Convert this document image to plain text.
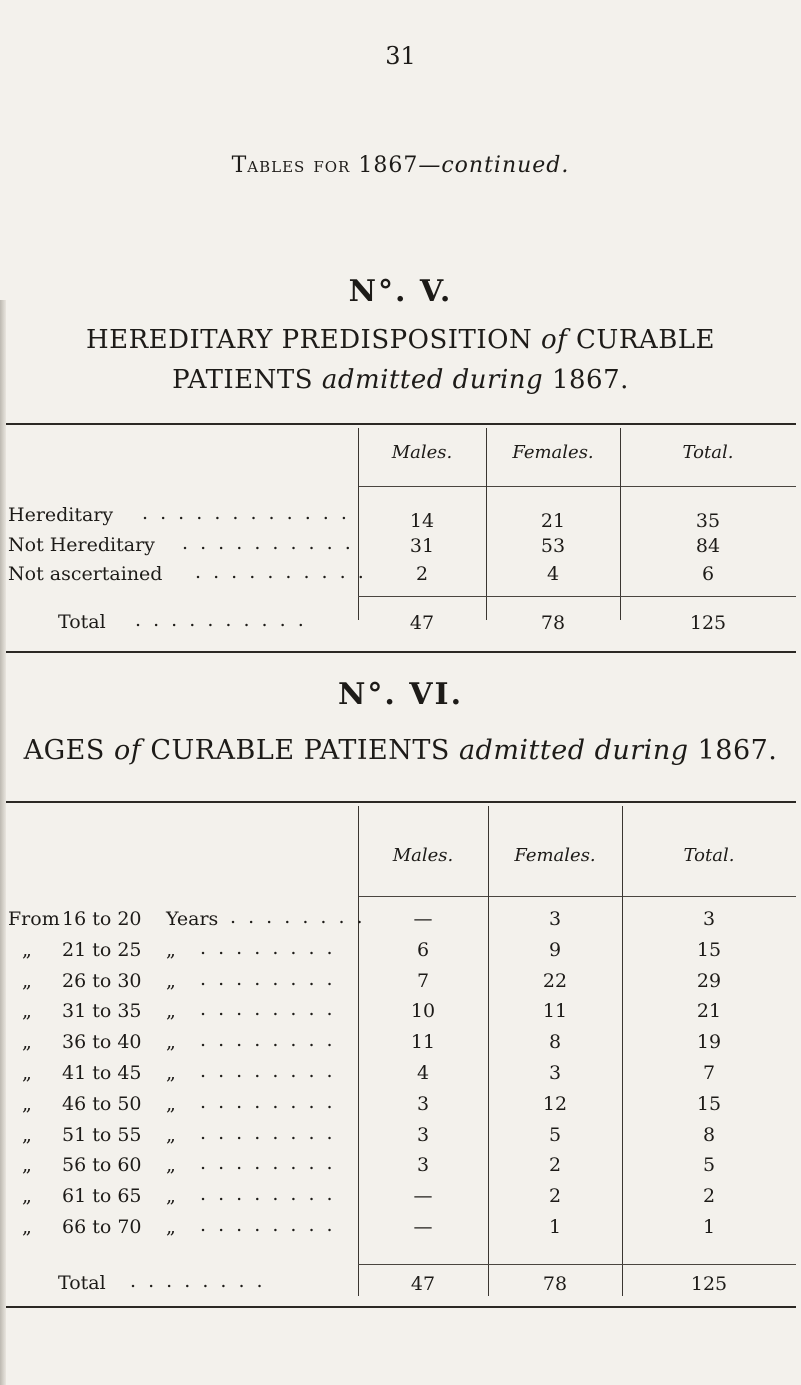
31
Tables for 1867—continued.
N°. V.
HEREDITARY PREDISPOSITION of CURABLE
PATIENTS admitted during 1867.
Males.	Females.	Total.
Hereditary . . . . . . . . . . . .	14	21	35
Not Hereditary . . . . . . . . . .	31	53	84
Not ascertained . . . . . . . . . .	2	4	6
Total . . . . . . . . . .	47	78	125
N°. VI.
AGES of CURABLE PATIENTS admitted during 1867.
Males.	Females.	Total.
From 16 to 20 Years . . . . . . . .	—	3	3
„ 21 to 25 „ . . . . . . . .	6	9	15
„ 26 to 30 „ . . . . . . . .	7	22	29
„ 31 to 35 „ . . . . . . . .	10	11	21
„ 36 to 40 „ . . . . . . . .	11	8	19
„ 41 to 45 „ . . . . . . . .	4	3	7
„ 46 to 50 „ . . . . . . . .	3	12	15
„ 51 to 55 „ . . . . . . . .	3	5	8
„ 56 to 60 „ . . . . . . . .	3	2	5
„ 61 to 65 „ . . . . . . . .	—	2	2
„ 66 to 70 „ . . . . . . . .	—	1	1
Total . . . . . . . .	47	78	125
